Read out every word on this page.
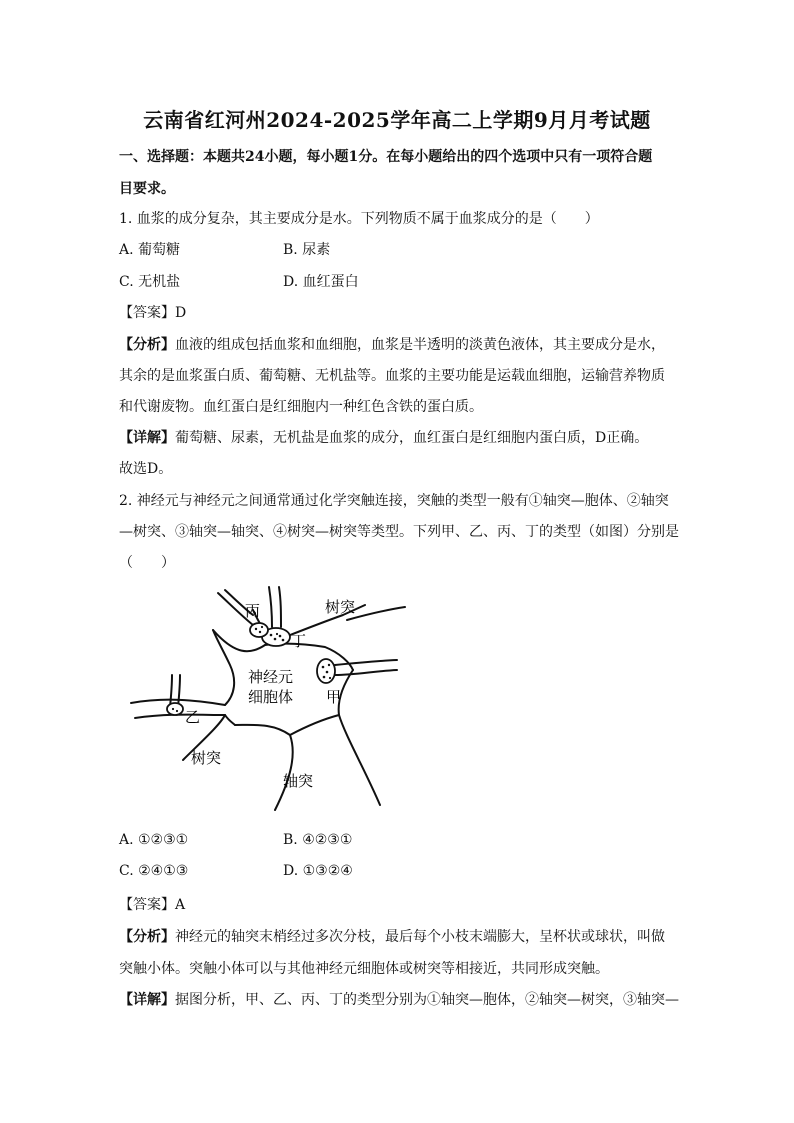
云南省红河州2024-2025学年高二上学期9月月考试题
一、选择题：本题共24小题，每小题1分。在每小题给出的四个选项中只有一项符合题
目要求。
1. 血浆的成分复杂，其主要成分是水。下列物质不属于血浆成分的是（　　）
A. 葡萄糖	B. 尿素
C. 无机盐	D. 血红蛋白
【答案】D
【分析】血液的组成包括血浆和血细胞，血浆是半透明的淡黄色液体，其主要成分是水，
其余的是血浆蛋白质、葡萄糖、无机盐等。血浆的主要功能是运载血细胞，运输营养物质
和代谢废物。血红蛋白是红细胞内一种红色含铁的蛋白质。
【详解】葡萄糖、尿素，无机盐是血浆的成分，血红蛋白是红细胞内蛋白质，D正确。
故选D。
2. 神经元与神经元之间通常通过化学突触连接，突触的类型一般有①轴突—胞体、②轴突
—树突、③轴突—轴突、④树突—树突等类型。下列甲、乙、丙、丁的类型（如图）分别是
（　　）
丙
丁
甲
乙
树突
树突
轴突
神经元
细胞体
A. ①②③①	B. ④②③①
C. ②④①③	D. ①③②④
【答案】A
【分析】神经元的轴突末梢经过多次分枝，最后每个小枝末端膨大，呈杯状或球状，叫做
突触小体。突触小体可以与其他神经元细胞体或树突等相接近，共同形成突触。
【详解】据图分析，甲、乙、丙、丁的类型分别为①轴突—胞体，②轴突—树突，③轴突—
